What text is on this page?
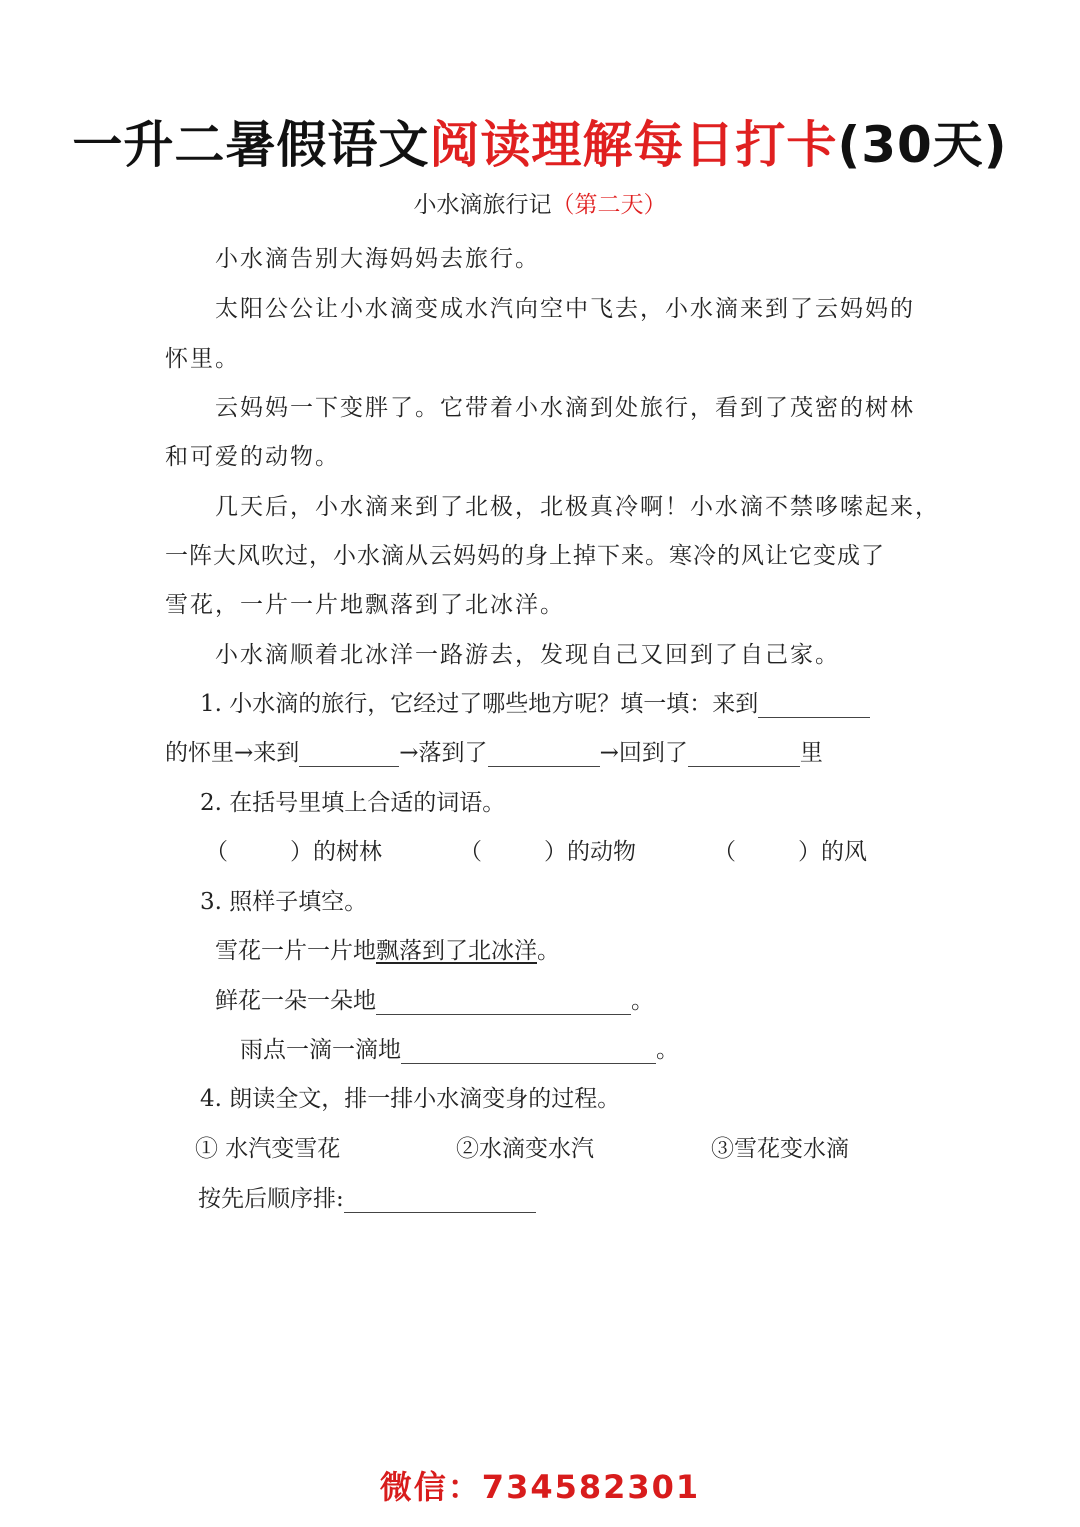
一升二暑假语文阅读理解每日打卡(30天)
小水滴旅行记（第二天）
小水滴告别大海妈妈去旅行。
太阳公公让小水滴变成水汽向空中飞去，小水滴来到了云妈妈的
怀里。
云妈妈一下变胖了。它带着小水滴到处旅行，看到了茂密的树林
和可爱的动物。
几天后，小水滴来到了北极，北极真冷啊！小水滴不禁哆嗦起来，
一阵大风吹过，小水滴从云妈妈的身上掉下来。寒冷的风让它变成了
雪花，一片一片地飘落到了北冰洋。
小水滴顺着北冰洋一路游去，发现自己又回到了自己家。
1. 小水滴的旅行，它经过了哪些地方呢？填一填：来到
的怀里→来到	→落到了	→回到了	里
2. 在括号里填上合适的词语。
（	）的树林	（	）的动物	（	）的风
3. 照样子填空。
雪花一片一片地飘落到了北冰洋。
鲜花一朵一朵地	。
雨点一滴一滴地	。
4. 朗读全文，排一排小水滴变身的过程。
① 水汽变雪花	②水滴变水汽	③雪花变水滴
按先后顺序排:
微信：734582301
